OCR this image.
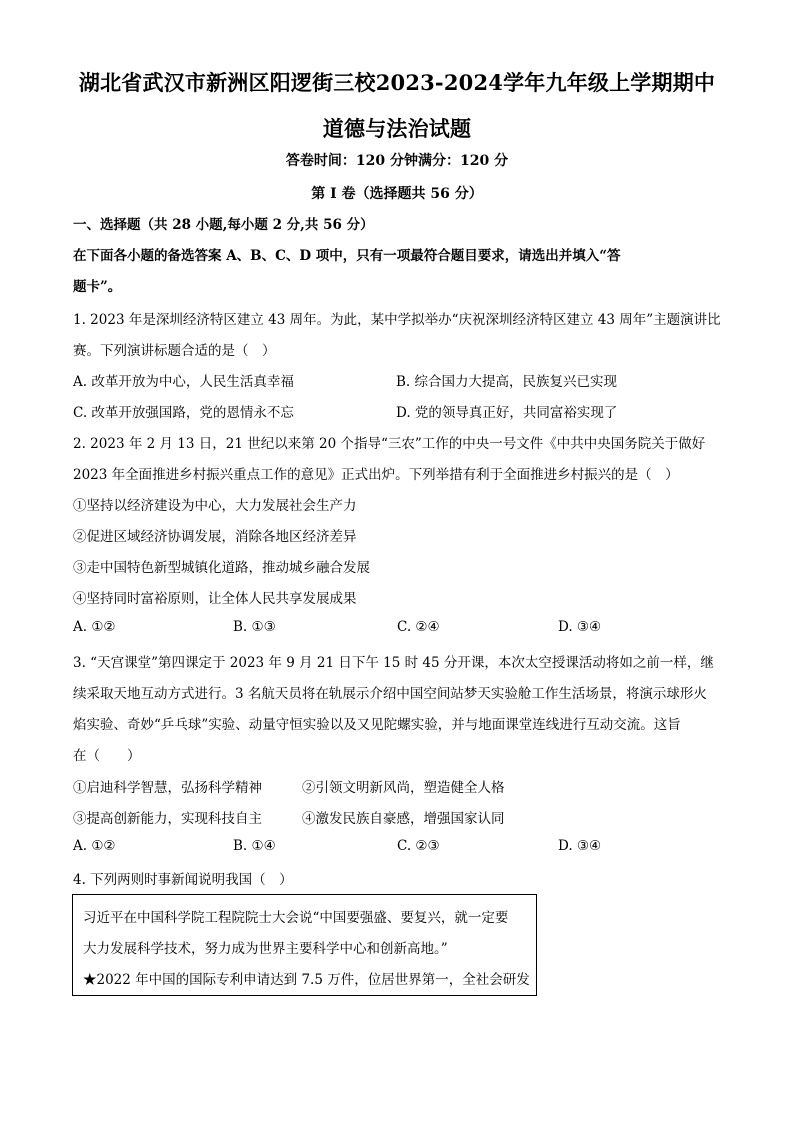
湖北省武汉市新洲区阳逻街三校2023-2024学年九年级上学期期中
道德与法治试题
答卷时间：120 分钟满分：120 分
第 I 卷（选择题共 56 分）
一、选择题（共 28 小题,每小题 2 分,共 56 分）
在下面各小题的备选答案 A、B、C、D 项中，只有一项最符合题目要求，请选出并填入“答
题卡”。
1. 2023 年是深圳经济特区建立 43 周年。为此，某中学拟举办“庆祝深圳经济特区建立 43 周年”主题演讲比
赛。下列演讲标题合适的是（　）
A. 改革开放为中心，人民生活真幸福	B. 综合国力大提高，民族复兴已实现
C. 改革开放强国路，党的恩情永不忘	D. 党的领导真正好，共同富裕实现了
2. 2023 年 2 月 13 日，21 世纪以来第 20 个指导“三农”工作的中央一号文件《中共中央国务院关于做好
2023 年全面推进乡村振兴重点工作的意见》正式出炉。下列举措有利于全面推进乡村振兴的是（　）
①坚持以经济建设为中心，大力发展社会生产力
②促进区域经济协调发展，消除各地区经济差异
③走中国特色新型城镇化道路，推动城乡融合发展
④坚持同时富裕原则，让全体人民共享发展成果
A. ①②	B. ①③	C. ②④	D. ③④
3. “天宫课堂”第四课定于 2023 年 9 月 21 日下午 15 时 45 分开课，本次太空授课活动将如之前一样，继
续采取天地互动方式进行。3 名航天员将在轨展示介绍中国空间站梦天实验舱工作生活场景，将演示球形火
焰实验、奇妙“乒乓球”实验、动量守恒实验以及又见陀螺实验，并与地面课堂连线进行互动交流。这旨
在（　　）
①启迪科学智慧，弘扬科学精神	②引领文明新风尚，塑造健全人格
③提高创新能力，实现科技自主	④激发民族自豪感，增强国家认同
A. ①②	B. ①④	C. ②③	D. ③④
4. 下列两则时事新闻说明我国（　）
习近平在中国科学院工程院院士大会说“中国要强盛、要复兴，就一定要
大力发展科学技术，努力成为世界主要科学中心和创新高地。”
★2022 年中国的国际专利申请达到 7.5 万件，位居世界第一，全社会研发
